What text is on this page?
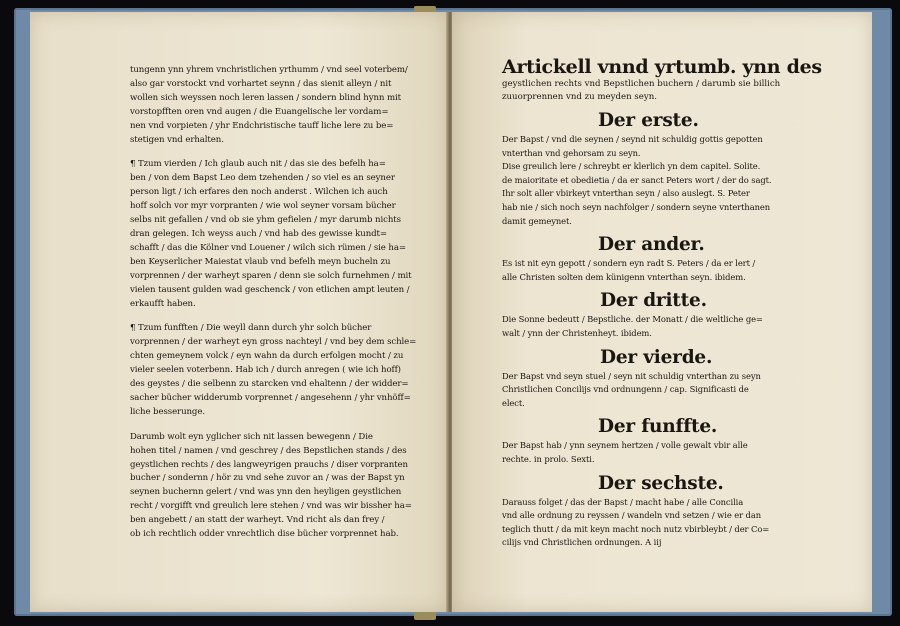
tungenn ynn yhrem vnchristlichen yrthumm / vnd seel voterbem/

also gar vorstockt vnd vorhartet seynn / das sienit alleyn / nit

wollen sich weyssen noch leren lassen / sondern blind hynn mit

vorstopfften oren vnd augen / die Euangelische ler vordam=

nen vnd vorpieten / yhr Endchristische tauff liche lere zu be=

stetigen vnd erhalten.

¶ Tzum vierden / Ich glaub auch nit / das sie des befelh ha=

ben / von dem Bapst Leo dem tzehenden / so viel es an seyner

person ligt / ich erfares den noch anderst . Wilchen ich auch

hoff solch vor myr vorpranten / wie wol seyner vorsam bücher

selbs nit gefallen / vnd ob sie yhm gefielen / myr darumb nichts

dran gelegen. Ich weyss auch / vnd hab des gewisse kundt=

schafft / das die Kölner vnd Louener / wilch sich rümen / sie ha=

ben Keyserlicher Maiestat vlaub vnd befelh meyn bucheln zu

vorprennen / der warheyt sparen / denn sie solch furnehmen / mit

vielen tausent gulden wad geschenck / von etlichen ampt leuten /

erkaufft haben.

¶ Tzum funfften / Die weyll dann durch yhr solch bücher

vorprennen / der warheyt eyn gross nachteyl / vnd bey dem schle=

chten gemeynem volck / eyn wahn da durch erfolgen mocht / zu

vieler seelen voterbenn. Hab ich / durch anregen ( wie ich hoff)

des geystes / die selbenn zu starcken vnd ehaltenn / der widder=

sacher bücher widderumb vorprennet / angesehenn / yhr vnhöff=

liche besserunge.

Darumb wolt eyn yglicher sich nit lassen bewegenn / Die

hohen titel / namen / vnd geschrey / des Bepstlichen stands / des

geystlichen rechts / des langweyrigen prauchs / diser vorpranten

bucher / sondernn / hör zu vnd sehe zuvor an / was der Bapst yn

seynen buchernn gelert / vnd was ynn den heyligen geystlichen

recht / vorgifft vnd greulich lere stehen / vnd was wir bissher ha=

ben angebett / an statt der warheyt. Vnd richt als dan frey /

ob ich rechtlich odder vnrechtlich dise bücher vorprennet hab.

Artickell vnnd yrtumb. ynn des

geystlichen rechts vnd Bepstlichen buchern / darumb sie billich

zuuorprennen vnd zu meyden seyn.

Der erste.

Der Bapst / vnd die seynen / seynd nit schuldig gottis gepotten

vnterthan vnd gehorsam zu seyn.

Dise greulich lere / schreybt er klerlich yn dem capitel. Solite.

de maioritate et obedietia / da er sanct Peters wort / der do sagt.

Ihr solt aller vbirkeyt vnterthan seyn / also auslegt. S. Peter

hab nie / sich noch seyn nachfolger / sondern seyne vnterthanen

damit gemeynet.

Der ander.

Es ist nit eyn gepott / sondern eyn radt S. Peters / da er lert /

alle Christen solten dem künigenn vnterthan seyn. ibidem.

Der dritte.

Die Sonne bedeutt / Bepstliche. der Monatt / die weltliche ge=

walt / ynn der Christenheyt. ibidem.

Der vierde.

Der Bapst vnd seyn stuel / seyn nit schuldig vnterthan zu seyn

Christlichen Concilijs vnd ordnungenn / cap. Significasti de

elect.

Der funffte.

Der Bapst hab / ynn seynem hertzen / volle gewalt vbir alle

rechte. in prolo. Sexti.

Der sechste.

Darauss folget / das der Bapst / macht habe / alle Concilia

vnd alle ordnung zu reyssen / wandeln vnd setzen / wie er dan

teglich thutt / da mit keyn macht noch nutz vbirbleybt / der Co=

cilijs vnd Christlichen ordnungen. A iij
